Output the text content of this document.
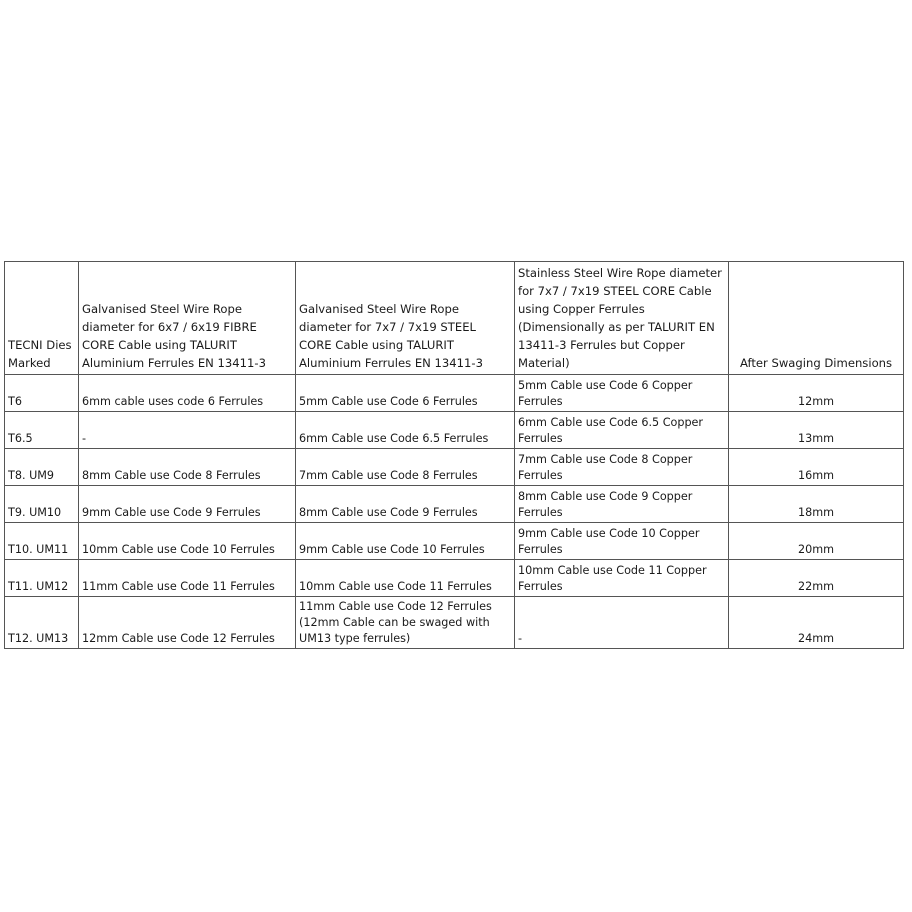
TECNI Dies Marked	Galvanised Steel Wire Rope diameter for 6x7 / 6x19 FIBRE CORE Cable using TALURIT Aluminium Ferrules EN 13411-3	Galvanised Steel Wire Rope diameter for 7x7 / 7x19 STEEL CORE Cable using TALURIT Aluminium Ferrules EN 13411-3	Stainless Steel Wire Rope diameter for 7x7 / 7x19 STEEL CORE Cable using Copper Ferrules (Dimensionally as per TALURIT EN 13411-3 Ferrules but Copper Material)	After Swaging Dimensions
T6	6mm cable uses code 6 Ferrules	5mm Cable use Code 6 Ferrules	5mm Cable use Code 6 Copper Ferrules	12mm
T6.5	-	6mm Cable use Code 6.5 Ferrules	6mm Cable use Code 6.5 Copper Ferrules	13mm
T8. UM9	8mm Cable use Code 8 Ferrules	7mm Cable use Code 8 Ferrules	7mm Cable use Code 8 Copper Ferrules	16mm
T9. UM10	9mm Cable use Code 9 Ferrules	8mm Cable use Code 9 Ferrules	8mm Cable use Code 9 Copper Ferrules	18mm
T10. UM11	10mm Cable use Code 10 Ferrules	9mm Cable use Code 10 Ferrules	9mm Cable use Code 10 Copper Ferrules	20mm
T11. UM12	11mm Cable use Code 11 Ferrules	10mm Cable use Code 11 Ferrules	10mm Cable use Code 11 Copper Ferrules	22mm
T12. UM13	12mm Cable use Code 12 Ferrules	11mm Cable use Code 12 Ferrules (12mm Cable can be swaged with UM13 type ferrules)	-	24mm
